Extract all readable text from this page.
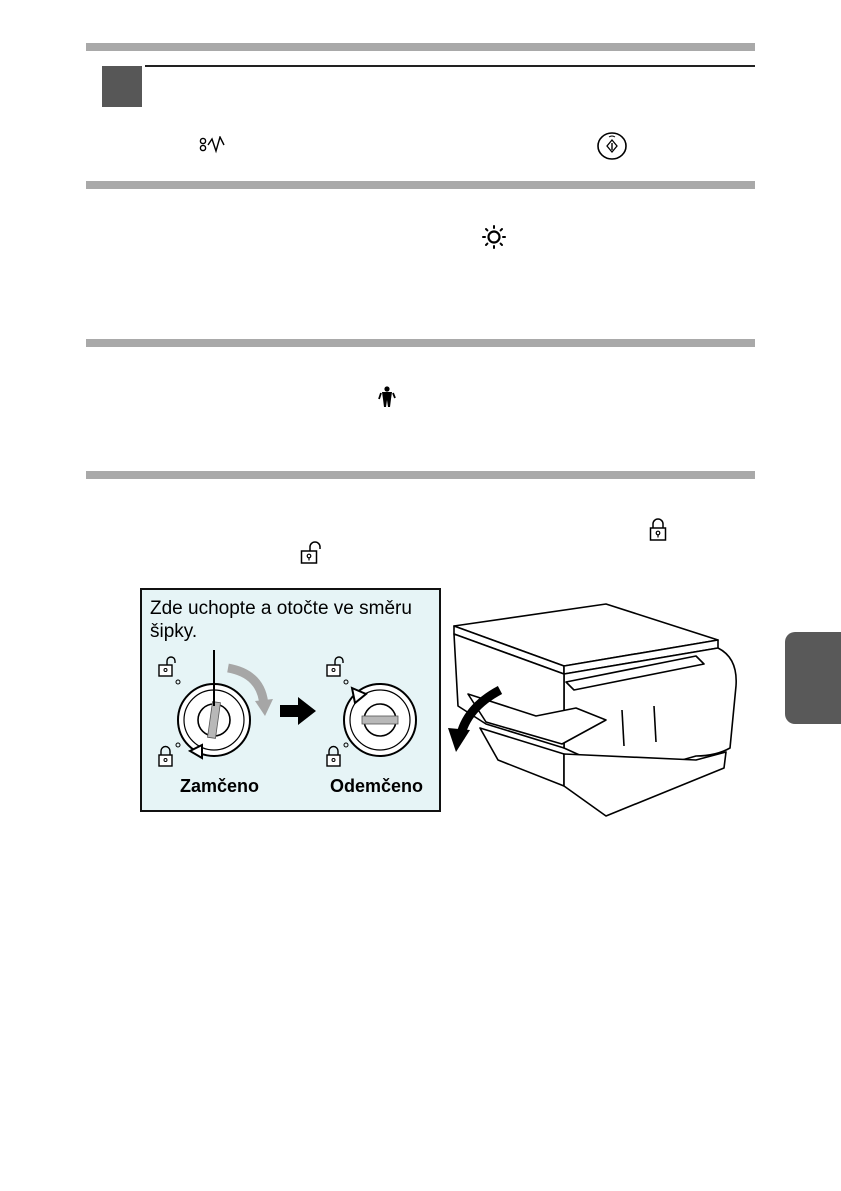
Zde uchopte a otočte ve směru šipky.
Zamčeno	Odemčeno
